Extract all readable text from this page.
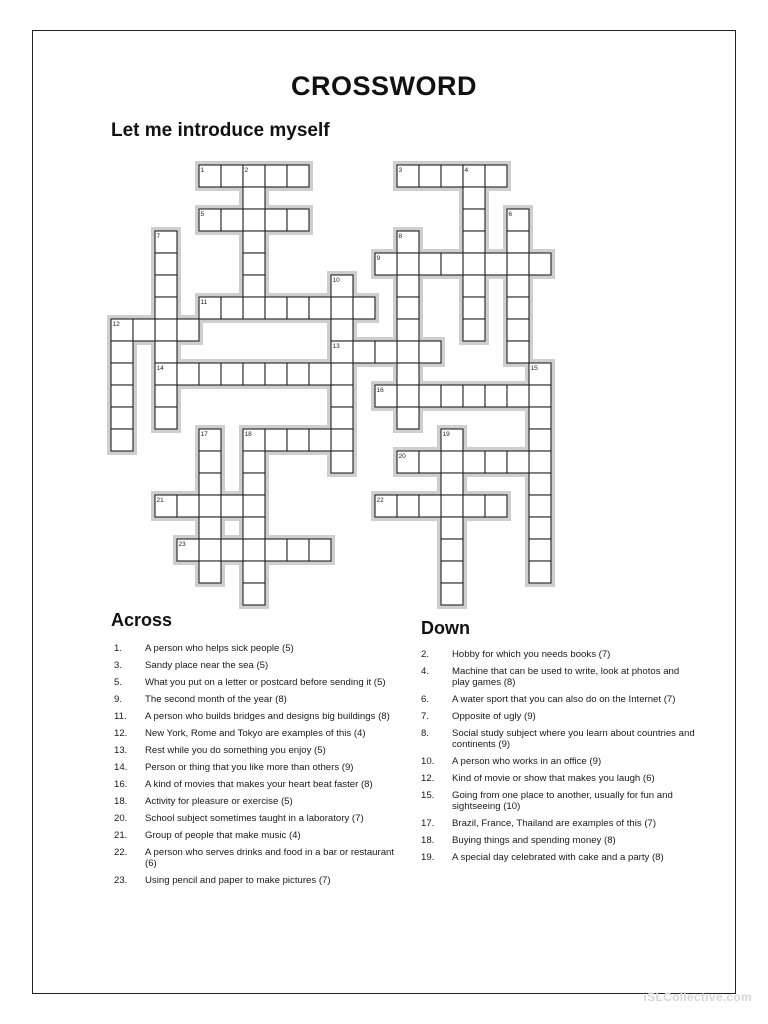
CROSSWORD
Let me introduce myself
1	3
2	4
5	6
7	8
9
10
11
12
13
14	15
16
17	18	19
20
21	22
23
Across
1. A person who helps sick people (5)
3. Sandy place near the sea (5)
5. What you put on a letter or postcard before sending it (5)
9. The second month of the year (8)
11. A person who builds bridges and designs big buildings (8)
12. New York, Rome and Tokyo are examples of this (4)
13. Rest while you do something you enjoy (5)
14. Person or thing that you like more than others (9)
16. A kind of movies that makes your heart beat faster (8)
18. Activity for pleasure or exercise (5)
20. School subject sometimes taught in a laboratory (7)
21. Group of people that make music (4)
22. A person who serves drinks and food in a bar or restaurant (6)
23. Using pencil and paper to make pictures (7)
Down
2. Hobby for which you needs books (7)
4. Machine that can be used to write, look at photos and play games (8)
6. A water sport that you can also do on the Internet (7)
7. Opposite of ugly (9)
8. Social study subject where you learn about countries and continents (9)
10. A person who works in an office (9)
12. Kind of movie or show that makes you laugh (6)
15. Going from one place to another, usually for fun and sightseeing (10)
17. Brazil, France, Thailand are examples of this (7)
18. Buying things and spending money (8)
19. A special day celebrated with cake and a party (8)
iSLCollective.com
